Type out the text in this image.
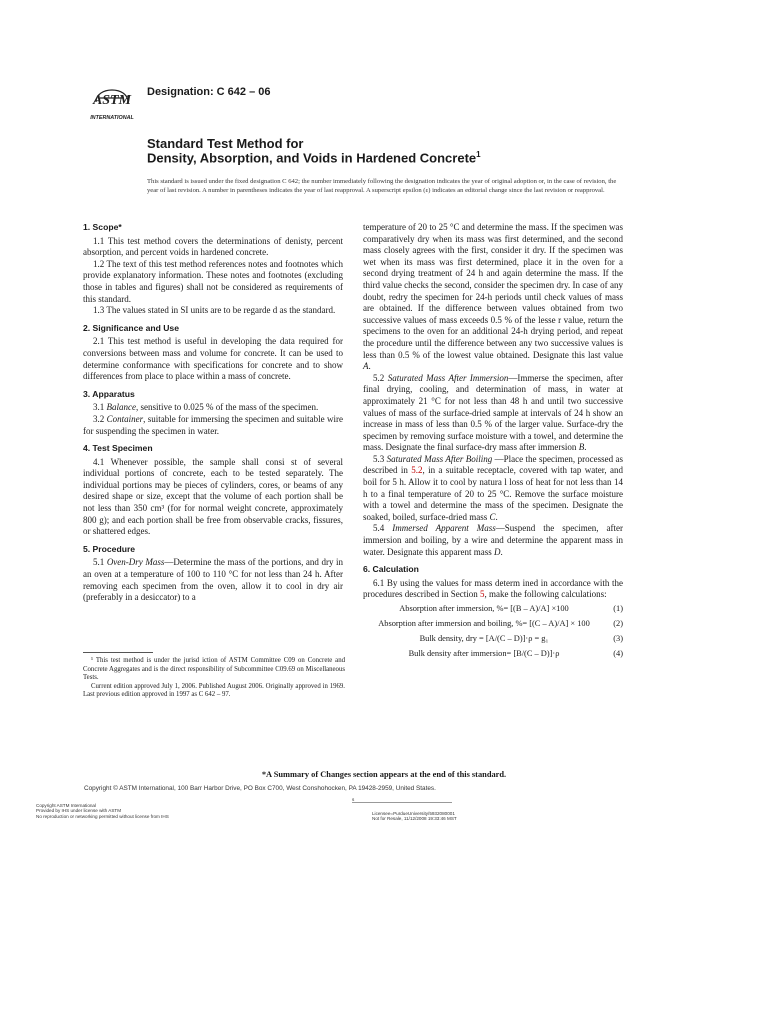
ASTM
INTERNATIONAL
Designation: C 642 – 06
Standard Test Method for
Density, Absorption, and Voids in Hardened Concrete$^1$
This standard is issued under the fixed designation C 642; the number immediately following the designation indicates the year of original adoption or, in the case of revision, the year of last revision. A number in parentheses indicates the year of last reapproval. A superscript epsilon (ε) indicates an editorial change since the last revision or reapproval.
1. Scope*

1.1 This test method covers the determinations of denisty, percent absorption, and percent voids in hardened concrete.

1.2 The text of this test method references notes and footnotes which provide explanatory information. These notes and footnotes (excluding those in tables and figures) shall not be considered as requirements of this standard.

1.3 The values stated in SI units are to be regarde d as the standard.

2. Significance and Use

2.1 This test method is useful in developing the data required for conversions between mass and volume for concrete. It can be used to determine conformance with specifications for concrete and to show differences from place to place within a mass of concrete.

3. Apparatus

3.1 Balance, sensitive to 0.025 % of the mass of the specimen.

3.2 Container, suitable for immersing the specimen and suitable wire for suspending the specimen in water.

4. Test Specimen

4.1 Whenever possible, the sample shall consi st of several individual portions of concrete, each to be tested separately. The individual portions may be pieces of cylinders, cores, or beams of any desired shape or size, except that the volume of each portion shall be not less than 350 cm³ (for for normal weight concrete, approximately 800 g); and each portion shall be free from observable cracks, fissures, or shattered edges.

5. Procedure

5.1 Oven-Dry Mass—Determine the mass of the portions, and dry in an oven at a temperature of 100 to 110 °C for not less than 24 h. After removing each specimen from the oven, allow it to cool in dry air (preferably in a desiccator) to a

temperature of 20 to 25 °C and determine the mass. If the specimen was comparatively dry when its mass was first determined, and the second mass closely agrees with the first, consider it dry. If the specimen was wet when its mass was first determined, place it in the oven for a second drying treatment of 24 h and again determine the mass. If the third value checks the second, consider the specimen dry. In case of any doubt, redry the specimen for 24-h periods until check values of mass are obtained. If the difference between values obtained from two successive values of mass exceeds 0.5 % of the lesse r value, return the specimens to the oven for an additional 24-h drying period, and repeat the procedure until the difference between any two successive values is less than 0.5 % of the lowest value obtained. Designate this last value A.

5.2 Saturated Mass After Immersion—Immerse the specimen, after final drying, cooling, and determination of mass, in water at approximately 21 °C for not less than 48 h and until two successive values of mass of the surface-dried sample at intervals of 24 h show an increase in mass of less than 0.5 % of the larger value. Surface-dry the specimen by removing surface moisture with a towel, and determine the mass. Designate the final surface-dry mass after immersion B.

5.3 Saturated Mass After Boiling —Place the specimen, processed as described in 5.2, in a suitable receptacle, covered with tap water, and boil for 5 h. Allow it to cool by natura l loss of heat for not less than 14 h to a final temperature of 20 to 25 °C. Remove the surface moisture with a towel and determine the mass of the specimen. Designate the soaked, boiled, surface-dried mass C.

5.4 Immersed Apparent Mass—Suspend the specimen, after immersion and boiling, by a wire and determine the apparent mass in water. Designate this apparent mass D.

6. Calculation

6.1 By using the values for mass determ ined in accordance with the procedures described in Section 5, make the following calculations:

Absorption after immersion, %= [(B – A)/A] ×100	(1)
Absorption after immersion and boiling, %= [(C – A)/A] × 100	(2)
Bulk density, dry = [A/(C – D)]·ρ = g₁	(3)
Bulk density after immersion= [B/(C – D)]·ρ	(4)

¹ This test method is under the jurisd iction of ASTM Committee C09 on Concrete and Concrete Aggregates and is the direct responsibility of Subcommittee C09.69 on Miscellaneous Tests.

Current edition approved July 1, 2006. Published August 2006. Originally approved in 1969. Last previous edition approved in 1997 as C 642 – 97.

*A Summary of Changes section appears at the end of this standard.
Copyright © ASTM International, 100 Barr Harbor Drive, PO Box C700, West Conshohocken, PA 19428-2959, United States.
Copyright ASTM International
Provided by IHS under license with ASTM
No reproduction or networking permitted without license from IHS
s
Licensee=PurdueUniversity/5932080001
Not for Resale, 11/12/2008 19:33:46 MST
